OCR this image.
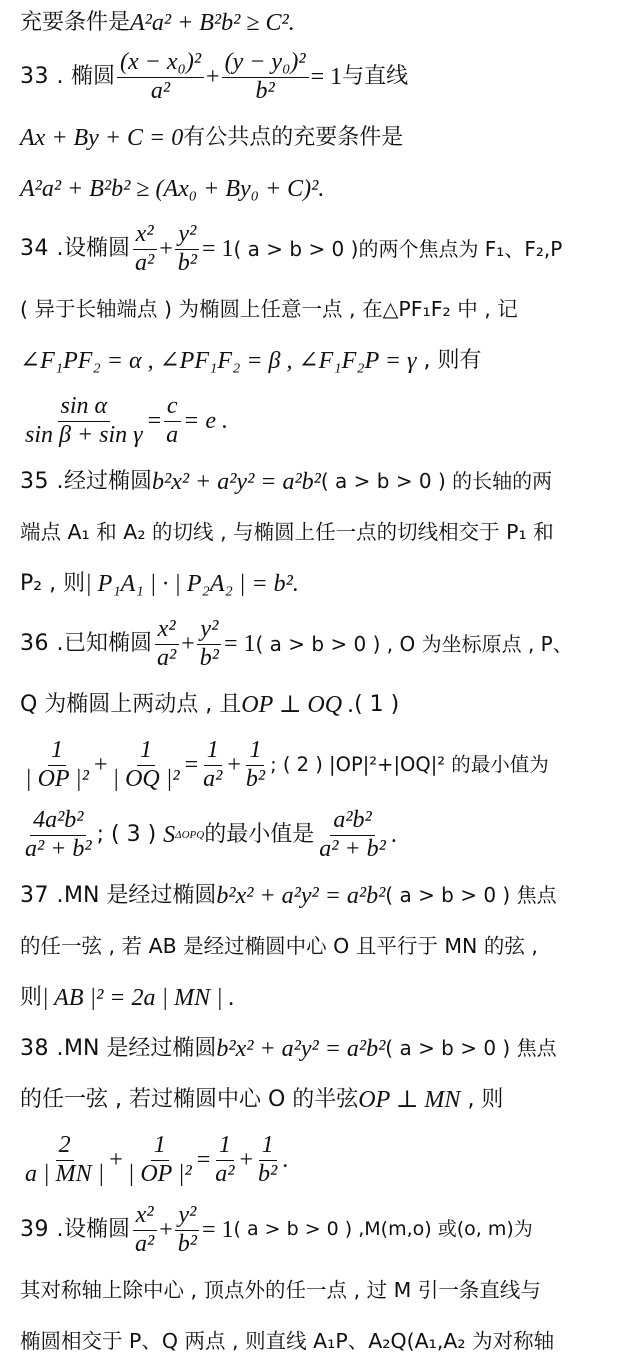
充要条件是 A²a² + B²b² ≥ C².
33 .
椭圆 $\frac{\text{(x − x₀)²}}{\text{a²}} + \frac{\text{(y − y₀)²}}{\text{b²}} = 1$ 与直线
Ax + By + C = 0 有公共点的充要条件是
A²a² + B²b² ≥ (Ax₀ + By₀ + C)².
34 . 设椭圆 $\frac{\text{x²}}{\text{a²}} + \frac{\text{y²}}{\text{b²}} = 1$ ( a > b > 0 )的两个焦点为 F₁、F₂,P
( 异于长轴端点 ) 为椭圆上任意一点 , 在△PF₁F₂ 中 , 记
∠F₁PF₂ = α , ∠PF₁F₂ = β , ∠F₁F₂P = γ
, 则有
$\frac{\text{sin α}}{\text{sin β + sin γ}} = \frac{c}{a} = e$ .
35 . 经过椭圆 b²x² + a²y² = a²b² ( a > b > 0 ) 的长轴的两
端点 A₁ 和 A₂ 的切线 , 与椭圆上任一点的切线相交于 P₁ 和
P₂ , 则 | P₁A₁ | · | P₂A₂ | = b².
36 . 已知椭圆 $\frac{\text{x²}}{\text{a²}} + \frac{\text{y²}}{\text{b²}} = 1$ ( a > b > 0 ) , O 为坐标原点 , P、
Q 为椭圆上两动点 , 且 OP ⊥ OQ . ( 1 )
$\frac{1}{\text{| OP |²}} + \frac{1}{\text{| OQ |²}} = \frac{1}{\text{a²}} + \frac{1}{\text{b²}}$ ; ( 2 ) |OP|²+|OQ|² 的最小值为
$\frac{\text{4a²b²}}{\text{a² + b²}}$ ; ( 3 )
S ΔOPQ 的最小值是 $\frac{\text{a²b²}}{\text{a² + b²}}$ .
37 . MN 是经过椭圆 b²x² + a²y² = a²b² ( a > b > 0 ) 焦点
的任一弦 , 若 AB 是经过椭圆中心 O 且平行于 MN 的弦 ,
则 | AB |² = 2a | MN | .
38 . MN 是经过椭圆 b²x² + a²y² = a²b² ( a > b > 0 ) 焦点
的任一弦 , 若过椭圆中心 O 的半弦 OP ⊥ MN
, 则
$\frac{2}{a | MN |} + \frac{1}{\text{| OP |²}} = \frac{1}{\text{a²}} + \frac{1}{\text{b²}}$ .
39 . 设椭圆 $\frac{\text{x²}}{\text{a²}} + \frac{\text{y²}}{\text{b²}} = 1$ ( a > b > 0 ) ,M(m,o) 或(o, m)为
其对称轴上除中心 , 顶点外的任一点 , 过 M 引一条直线与
椭圆相交于 P、Q 两点 , 则直线 A₁P、A₂Q(A₁,A₂ 为对称轴
